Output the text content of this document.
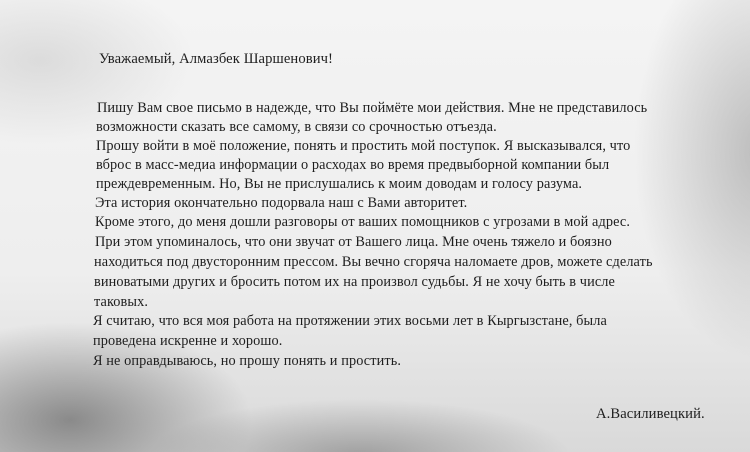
Уважаемый, Алмазбек Шаршенович!
Пишу Вам свое письмо в надежде, что Вы поймёте мои действия. Мне не представилось
возможности сказать все самому, в связи со срочностью отъезда.
Прошу войти в моё положение, понять и простить мой поступок. Я высказывался, что
вброс в масс-медиа информации о расходах во время предвыборной компании был
преждевременным. Но, Вы не прислушались к моим доводам и голосу разума.
Эта история окончательно подорвала наш с Вами авторитет.
Кроме этого, до меня дошли разговоры от ваших помощников с угрозами в мой адрес.
При этом упоминалось, что они звучат от Вашего лица. Мне очень тяжело и боязно
находиться под двусторонним прессом. Вы вечно сгоряча наломаете дров, можете сделать
виноватыми других и бросить потом их на произвол судьбы. Я не хочу быть в числе
таковых.
Я считаю, что вся моя работа на протяжении этих восьми лет в Кыргызстане, была
проведена искренне и хорошо.
Я не оправдываюсь, но прошу понять и простить.
А.Василивецкий.
